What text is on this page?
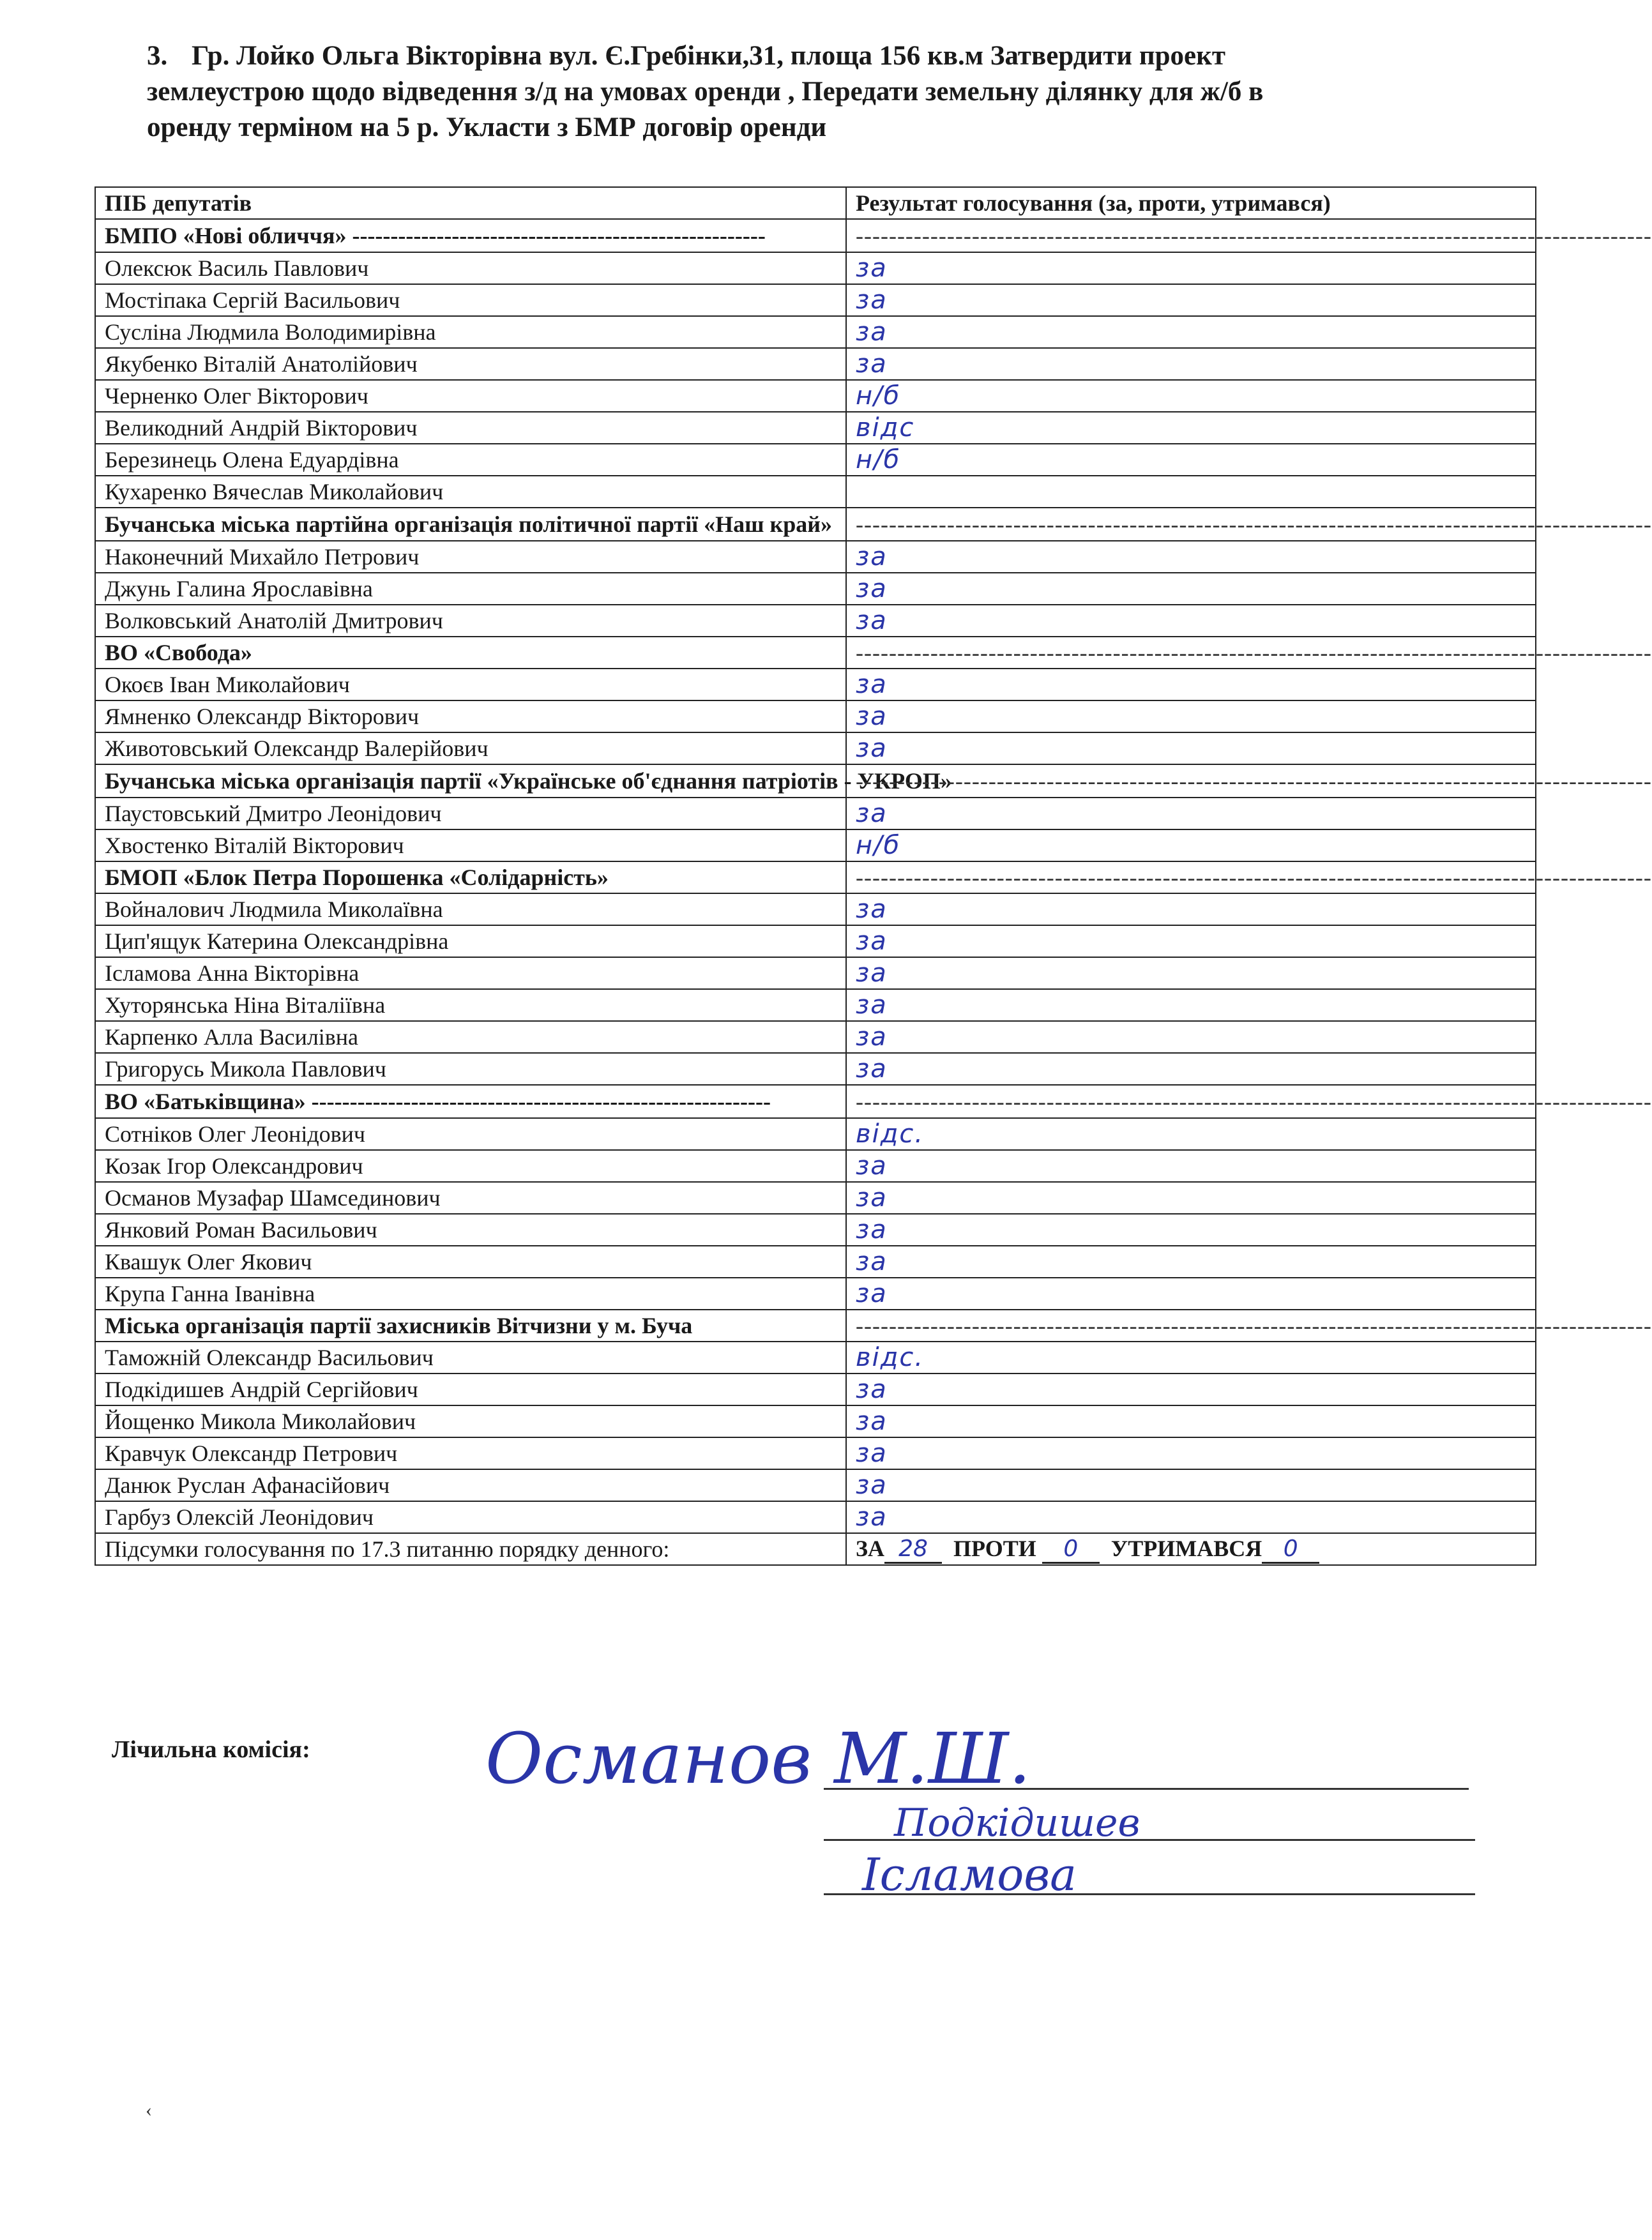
3. Гр. Лойко Ольга Вікторівна вул. Є.Гребінки,31, площа 156 кв.м Затвердити проект
землеустрою щодо відведення з/д на умовах оренди , Передати земельну ділянку для ж/б в
оренду терміном на 5 р. Укласти з БМР договір оренди
ПІБ депутатів	Результат голосування (за, проти, утримався)
БМПО «Нові обличчя» ------------------------------------------------------	------------------------------------------------------------------------------------------------
Олексюк Василь Павлович	за
Мостіпака Сергій Васильович	за
Сусліна Людмила Володимирівна	за
Якубенко Віталій Анатолійович	за
Черненко Олег Вікторович	н/б
Великодний Андрій Вікторович	відс
Березинець Олена Едуардівна	н/б
Кухаренко Вячеслав Миколайович	
Бучанська міська партійна організація політичної партії «Наш край»	------------------------------------------------------------------------------------------------
Наконечний Михайло Петрович	за
Джунь Галина Ярославівна	за
Волковський Анатолій Дмитрович	за
ВО «Свобода»	------------------------------------------------------------------------------------------------
Окоєв Іван Миколайович	за
Ямненко Олександр Вікторович	за
Животовський Олександр Валерійович	за
Бучанська міська організація партії «Українське об'єднання патріотів - УКРОП»	------------------------------------------------------------------------------------------------
Паустовський Дмитро Леонідович	за
Хвостенко Віталій Вікторович	н/б
БМОП «Блок Петра Порошенка «Солідарність»	------------------------------------------------------------------------------------------------
Войналович Людмила Миколаївна	за
Цип'ящук Катерина Олександрівна	за
Ісламова Анна Вікторівна	за
Хуторянська Ніна Віталіївна	за
Карпенко Алла Василівна	за
Григорусь Микола Павлович	за
ВО «Батьківщина» ------------------------------------------------------------	------------------------------------------------------------------------------------------------
Сотніков Олег Леонідович	відс.
Козак Ігор Олександрович	за
Османов Музафар Шамсединович	за
Янковий Роман Васильович	за
Квашук Олег Якович	за
Крупа Ганна Іванівна	за
Міська організація партії захисників Вітчизни у м. Буча	------------------------------------------------------------------------------------------------
Таможній Олександр Васильович	відс.
Подкідишев Андрій Сергійович	за
Йощенко Микола Миколайович	за
Кравчук Олександр Петрович	за
Данюк Руслан Афанасійович	за
Гарбуз Олексій Леонідович	за
Підсумки голосування по 17.3 питанню порядку денного:	ЗА 28 ПРОТИ 0 УТРИМАВСЯ 0
Лічильна комісія: Османов М.Ш.
Подкідишев
Ісламова
‹
